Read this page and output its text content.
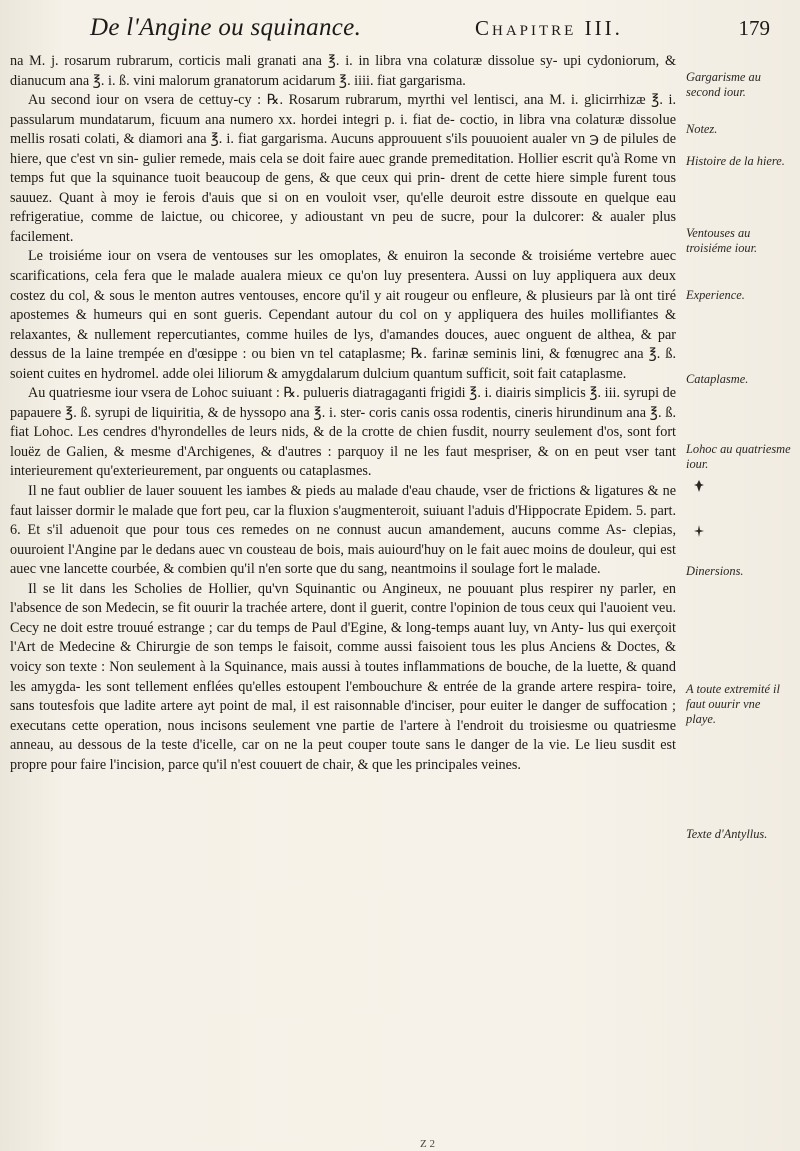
De l'Angine ou squinance.	Chapitre III.	179

na M. j. rosarum rubrarum, corticis mali granati ana ℥. i. in libra vna colaturæ dissolue sy- upi cydoniorum, & dianucum ana ℥. i. ß. vini malorum granatorum acidarum ℥. iiii. fiat gargarisma.

Au second iour on vsera de cettuy-cy : ℞. Rosarum rubrarum, myrthi vel lentisci, ana M. i. glicirrhizæ ℥. i. passularum mundatarum, ficuum ana numero xx. hordei integri p. i. fiat de- coctio, in libra vna colaturæ dissolue mellis rosati colati, & diamori ana ℥. i. fiat gargarisma. Aucuns approuuent s'ils pouuoient aualer vn ℈ de pilules de hiere, que c'est vn sin- gulier remede, mais cela se doit faire auec grande premeditation. Hollier escrit qu'à Rome vn temps fut que la squinance tuoit beaucoup de gens, & que ceux qui prin- drent de cette hiere simple furent tous sauuez. Quant à moy ie ferois d'auis que si on en vouloit vser, qu'elle deuroit estre dissoute en quelque eau refrigeratiue, comme de laictue, ou chicoree, y adioustant vn peu de sucre, pour la dulcorer: & aualer plus facilement.

Le troisiéme iour on vsera de ventouses sur les omoplates, & enuiron la seconde & troisiéme vertebre auec scarifications, cela fera que le malade aualera mieux ce qu'on luy presentera. Aussi on luy appliquera aux deux costez du col, & sous le menton autres ventouses, encore qu'il y ait rougeur ou enfleure, & plusieurs par là ont tiré apostemes & humeurs qui en sont gueris. Cependant autour du col on y appliquera des huiles mollifiantes & relaxantes, & nullement repercutiantes, comme huiles de lys, d'amandes douces, auec onguent de althea, & par dessus de la laine trempée en d'œsippe : ou bien vn tel cataplasme; ℞. farinæ seminis lini, & fœnugrec ana ℥. ß. soient cuites en hydromel. adde olei liliorum & amygdalarum dulcium quantum sufficit, soit fait cataplasme.

Au quatriesme iour vsera de Lohoc suiuant : ℞. pulueris diatragaganti frigidi ℥. i. diairis simplicis ℥. iii. syrupi de papauere ℥. ß. syrupi de liquiritia, & de hyssopo ana ℥. i. ster- coris canis ossa rodentis, cineris hirundinum ana ℥. ß. fiat Lohoc. Les cendres d'hyrondelles de leurs nids, & de la crotte de chien fusdit, nourry seulement d'os, sont fort louëz de Galien, & mesme d'Archigenes, & d'autres : parquoy il ne les faut mespriser, & on en peut vser tant interieurement qu'exterieurement, par onguents ou cataplasmes.

Il ne faut oublier de lauer souuent les iambes & pieds au malade d'eau chaude, vser de frictions & ligatures & ne faut laisser dormir le malade que fort peu, car la fluxion s'augmenteroit, suiuant l'aduis d'Hippocrate Epidem. 5. part. 6. Et s'il aduenoit que pour tous ces remedes on ne connust aucun amandement, aucuns comme As- clepias, ouuroient l'Angine par le dedans auec vn cousteau de bois, mais auiourd'huy on le fait auec moins de douleur, qui est auec vne lancette courbée, & combien qu'il n'en sorte que du sang, neantmoins il soulage fort le malade.

Il se lit dans les Scholies de Hollier, qu'vn Squinantic ou Angineux, ne pouuant plus respirer ny parler, en l'absence de son Medecin, se fit ouurir la trachée artere, dont il guerit, contre l'opinion de tous ceux qui l'auoient veu. Cecy ne doit estre trouué estrange ; car du temps de Paul d'Egine, & long-temps auant luy, vn Anty- lus qui exerçoit l'Art de Medecine & Chirurgie de son temps le faisoit, comme aussi faisoient tous les plus Anciens & Doctes, & voicy son texte : Non seulement à la Squinance, mais aussi à toutes inflammations de bouche, de la luette, & quand les amygda- les sont tellement enflées qu'elles estoupent l'embouchure & entrée de la grande artere respira- toire, sans toutesfois que ladite artere ayt point de mal, il est raisonnable d'inciser, pour euiter le danger de suffocation ; executans cette operation, nous incisons seulement vne partie de l'artere à l'endroit du troisiesme ou quatriesme anneau, au dessous de la teste d'icelle, car on ne la peut couper toute sans le danger de la vie. Le lieu susdit est propre pour faire l'incision, parce qu'il n'est couuert de chair, & que les principales veines.

Gargarisme au second iour.
Notez.
Histoire de la hiere.
Ventouses au troisiéme iour.
Experience.
Cataplasme.
Lohoc au quatriesme iour.
Dinersions.
A toute extremité il faut ouurir vne playe.
Texte d'Antyllus.
Z 2
